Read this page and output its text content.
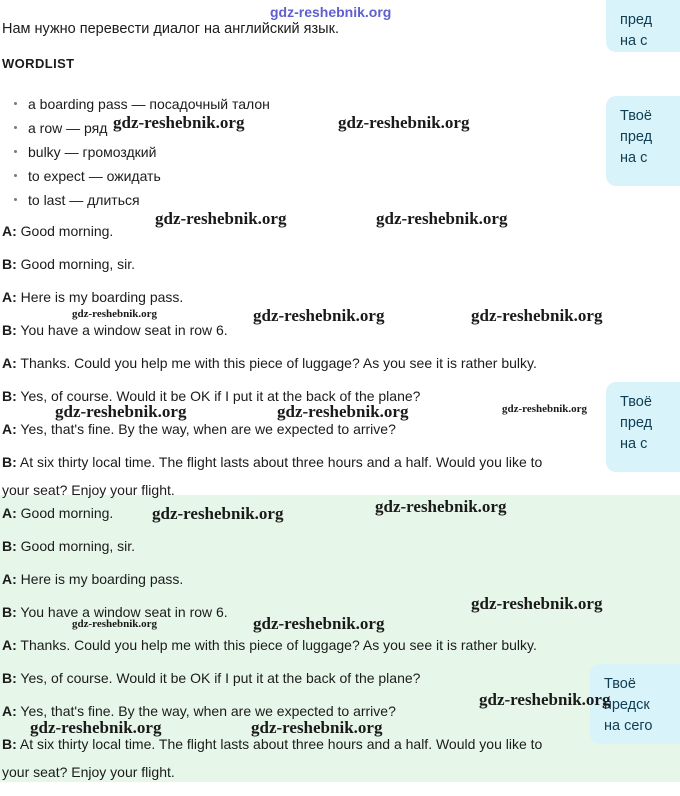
Нам нужно перевести диалог на английский язык.
WORDLIST
a boarding pass — посадочный талон
a row — ряд
bulky — громоздкий
to expect — ожидать
to last — длиться
A: Good morning.
B: Good morning, sir.
A: Here is my boarding pass.
B: You have a window seat in row 6.
A: Thanks. Could you help me with this piece of luggage? As you see it is rather bulky.
B: Yes, of course. Would it be OK if I put it at the back of the plane?
A: Yes, that's fine. By the way, when are we expected to arrive?
B: At six thirty local time. The flight lasts about three hours and a half. Would you like to
your seat? Enjoy your flight.
A: Good morning.
B: Good morning, sir.
A: Here is my boarding pass.
B: You have a window seat in row 6.
A: Thanks. Could you help me with this piece of luggage? As you see it is rather bulky.
B: Yes, of course. Would it be OK if I put it at the back of the plane?
A: Yes, that's fine. By the way, when are we expected to arrive?
B: At six thirty local time. The flight lasts about three hours and a half. Would you like to
your seat? Enjoy your flight.
пред
на с
Твоё
пред
на с
Твоё
пред
на с
Твоё
предск
на сего
gdz-reshebnik.org
gdz-reshebnik.org	gdz-reshebnik.org
gdz-reshebnik.org	gdz-reshebnik.org
gdz-reshebnik.org	gdz-reshebnik.org	gdz-reshebnik.org
gdz-reshebnik.org	gdz-reshebnik.org	gdz-reshebnik.org
gdz-reshebnik.org	gdz-reshebnik.org
gdz-reshebnik.org
gdz-reshebnik.org	gdz-reshebnik.org
gdz-reshebnik.org
gdz-reshebnik.org	gdz-reshebnik.org
